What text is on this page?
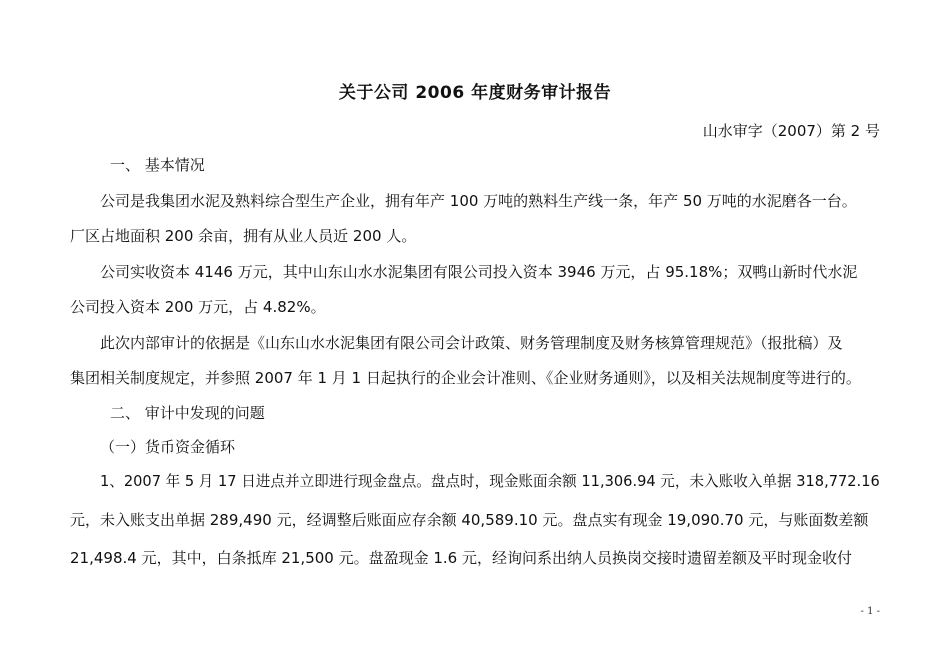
关于公司 2006 年度财务审计报告
山水审字（2007）第 2 号
一、 基本情况
公司是我集团水泥及熟料综合型生产企业，拥有年产 100 万吨的熟料生产线一条，年产 50 万吨的水泥磨各一台。
厂区占地面积 200 余亩，拥有从业人员近 200 人。
公司实收资本 4146 万元，其中山东山水水泥集团有限公司投入资本 3946 万元，占 95.18%；双鸭山新时代水泥
公司投入资本 200 万元，占 4.82%。
此次内部审计的依据是《山东山水水泥集团有限公司会计政策、财务管理制度及财务核算管理规范》（报批稿）及
集团相关制度规定，并参照 2007 年 1 月 1 日起执行的企业会计准则、《企业财务通则》，以及相关法规制度等进行的。
二、 审计中发现的问题
（一）货币资金循环
1、2007 年 5 月 17 日进点并立即进行现金盘点。盘点时，现金账面余额 11,306.94 元，未入账收入单据 318,772.16
元，未入账支出单据 289,490 元，经调整后账面应存余额 40,589.10 元。盘点实有现金 19,090.70 元，与账面数差额
21,498.4 元，其中，白条抵库 21,500 元。盘盈现金 1.6 元，经询问系出纳人员换岗交接时遗留差额及平时现金收付
- 1 -
